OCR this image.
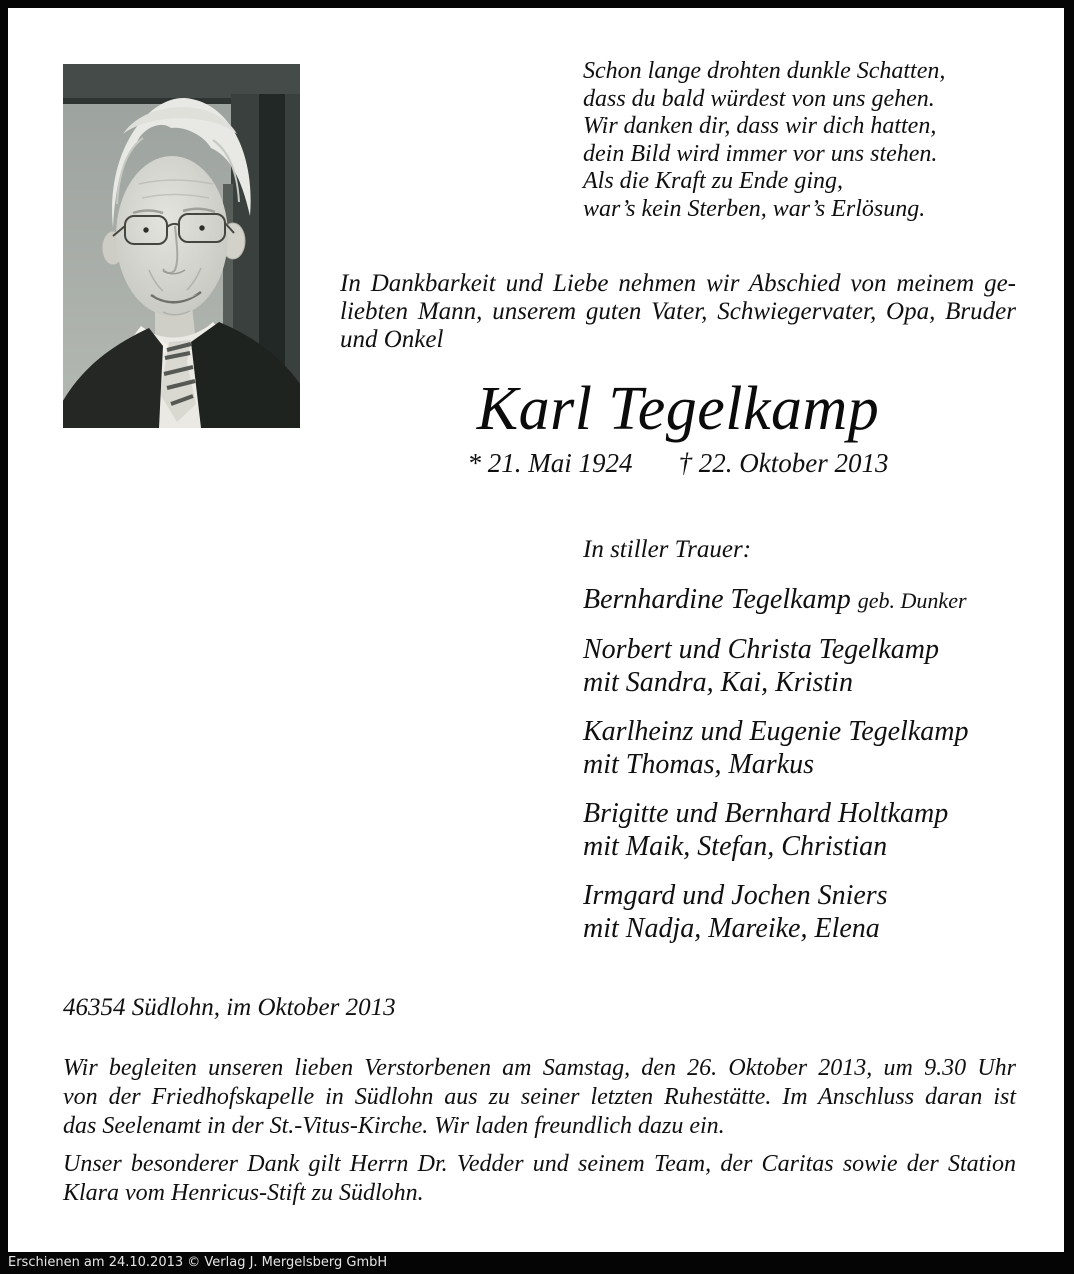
Schon lange drohten dunkle Schatten,
dass du bald würdest von uns gehen.
Wir danken dir, dass wir dich hatten,
dein Bild wird immer vor uns stehen.
Als die Kraft zu Ende ging,
war’s kein Sterben, war’s Erlösung.
In Dankbarkeit und Liebe nehmen wir Abschied von meinem ge-
liebten Mann, unserem guten Vater, Schwiegervater, Opa, Bruder
und Onkel
Karl Tegelkamp
* 21. Mai 1924 † 22. Oktober 2013
In stiller Trauer:
Bernhardine Tegelkamp geb. Dunker
Norbert und Christa Tegelkamp
mit Sandra, Kai, Kristin
Karlheinz und Eugenie Tegelkamp
mit Thomas, Markus
Brigitte und Bernhard Holtkamp
mit Maik, Stefan, Christian
Irmgard und Jochen Sniers
mit Nadja, Mareike, Elena
46354 Südlohn, im Oktober 2013
Wir begleiten unseren lieben Verstorbenen am Samstag, den 26. Oktober 2013, um 9.30 Uhr
von der Friedhofskapelle in Südlohn aus zu seiner letzten Ruhestätte. Im Anschluss daran ist
das Seelenamt in der St.-Vitus-Kirche. Wir laden freundlich dazu ein.
Unser besonderer Dank gilt Herrn Dr. Vedder und seinem Team, der Caritas sowie der Station
Klara vom Henricus-Stift zu Südlohn.
Erschienen am 24.10.2013 © Verlag J. Mergelsberg GmbH
